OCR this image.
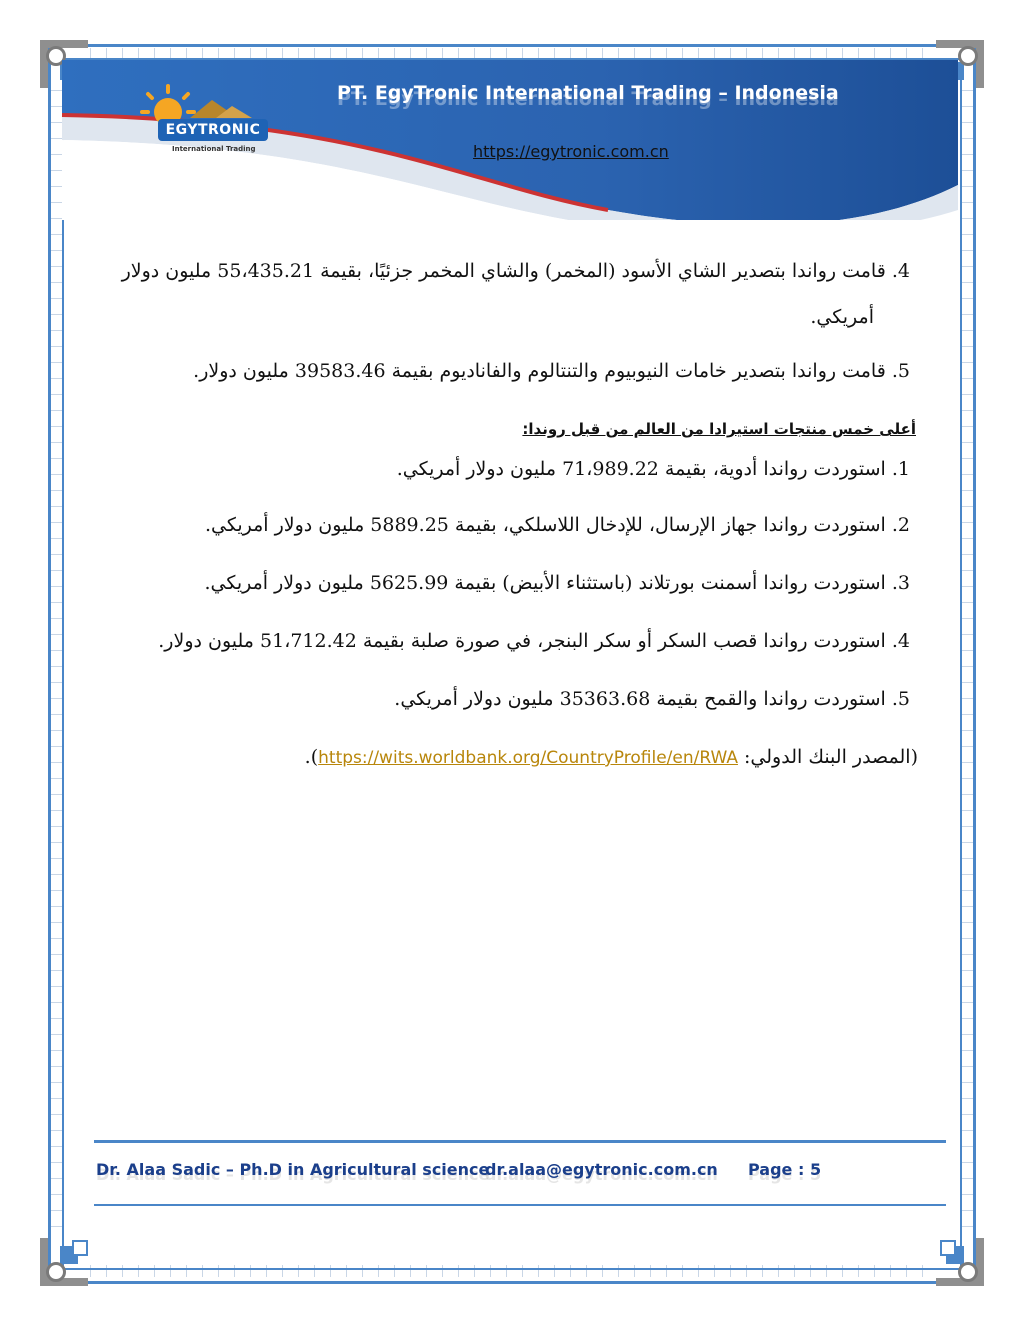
EGYTRONIC
International Trading
PT. EgyTronic International Trading – Indonesia
https://egytronic.com.cn
4. قامت رواندا بتصدير الشاي الأسود (المخمر) والشاي المخمر جزئيًا، بقيمة 55،435.21 مليون دولار
أمريكي.
5. قامت رواندا بتصدير خامات النيوبيوم والتنتالوم والفاناديوم بقيمة 39583.46 مليون دولار.
أعلى خمس منتجات استيرادا من العالم من قبل روندا:
1. استوردت رواندا أدوية، بقيمة 71،989.22 مليون دولار أمريكي.
2. استوردت رواندا جهاز الإرسال، للإدخال اللاسلكي، بقيمة 5889.25 مليون دولار أمريكي.
3. استوردت رواندا أسمنت بورتلاند (باستثناء الأبيض) بقيمة 5625.99 مليون دولار أمريكي.
4. استوردت رواندا قصب السكر أو سكر البنجر، في صورة صلبة بقيمة 51،712.42 مليون دولار.
5. استوردت رواندا والقمح بقيمة 35363.68 مليون دولار أمريكي.
(المصدر البنك الدولي: https://wits.worldbank.org/CountryProfile/en/RWA).
Dr. Alaa Sadic – Ph.D in Agricultural science
dr.alaa@egytronic.com.cn Page : 5
